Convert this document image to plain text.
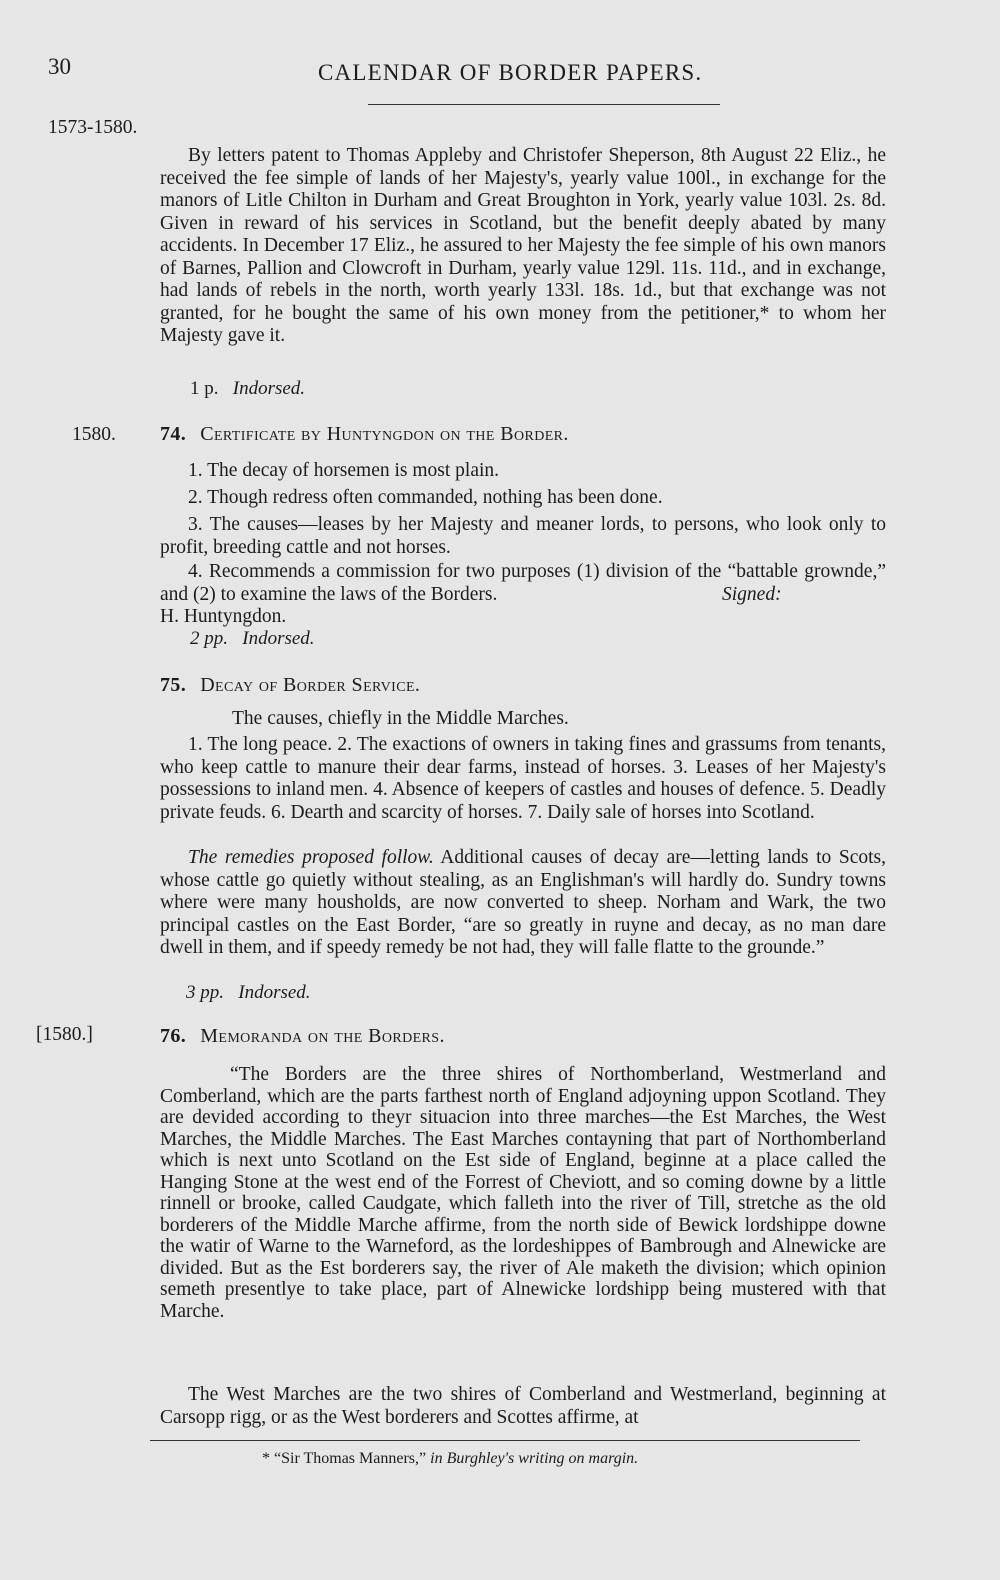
30	CALENDAR OF BORDER PAPERS.
1573-1580.

By letters patent to Thomas Appleby and Christofer Sheperson, 8th August 22 Eliz., he received the fee simple of lands of her Majesty's, yearly value 100l., in exchange for the manors of Litle Chilton in Durham and Great Broughton in York, yearly value 103l. 2s. 8d. Given in reward of his services in Scotland, but the benefit deeply abated by many accidents. In December 17 Eliz., he assured to her Majesty the fee simple of his own manors of Barnes, Pallion and Clowcroft in Durham, yearly value 129l. 11s. 11d., and in exchange, had lands of rebels in the north, worth yearly 133l. 18s. 1d., but that exchange was not granted, for he bought the same of his own money from the petitioner,* to whom her Majesty gave it.

1 p. Indorsed.
1580. 74. Certificate by Huntyngdon on the Border.
1. The decay of horsemen is most plain.
2. Though redress often commanded, nothing has been done.
3. The causes—leases by her Majesty and meaner lords, to persons, who look only to profit, breeding cattle and not horses.
4. Recommends a commission for two purposes (1) division of the “battable grownde,” and (2) to examine the laws of the Borders.	Signed:
H. Huntyngdon.
2 pp. Indorsed.
75. Decay of Border Service.
The causes, chiefly in the Middle Marches.

1. The long peace. 2. The exactions of owners in taking fines and grassums from tenants, who keep cattle to manure their dear farms, instead of horses. 3. Leases of her Majesty's possessions to inland men. 4. Absence of keepers of castles and houses of defence. 5. Deadly private feuds. 6. Dearth and scarcity of horses. 7. Daily sale of horses into Scotland.

The remedies proposed follow. Additional causes of decay are—letting lands to Scots, whose cattle go quietly without stealing, as an Englishman's will hardly do. Sundry towns where were many housholds, are now converted to sheep. Norham and Wark, the two principal castles on the East Border, “are so greatly in ruyne and decay, as no man dare dwell in them, and if speedy remedy be not had, they will falle flatte to the grounde.”

3 pp. Indorsed.
[1580.]	76. Memoranda on the Borders.

“The Borders are the three shires of Northomberland, Westmerland and Comberland, which are the parts farthest north of England adjoyning uppon Scotland. They are devided according to theyr situacion into three marches—the Est Marches, the West Marches, the Middle Marches. The East Marches contayning that part of Northomberland which is next unto Scotland on the Est side of England, beginne at a place called the Hanging Stone at the west end of the Forrest of Cheviott, and so coming downe by a little rinnell or brooke, called Caudgate, which falleth into the river of Till, stretche as the old borderers of the Middle Marche affirme, from the north side of Bewick lordshippe downe the watir of Warne to the Warneford, as the lordeshippes of Bambrough and Alnewicke are divided. But as the Est borderers say, the river of Ale maketh the division; which opinion semeth presentlye to take place, part of Alnewicke lordshipp being mustered with that Marche.

The West Marches are the two shires of Comberland and Westmerland, beginning at Carsopp rigg, or as the West borderers and Scottes affirme, at

* “Sir Thomas Manners,” in Burghley's writing on margin.
